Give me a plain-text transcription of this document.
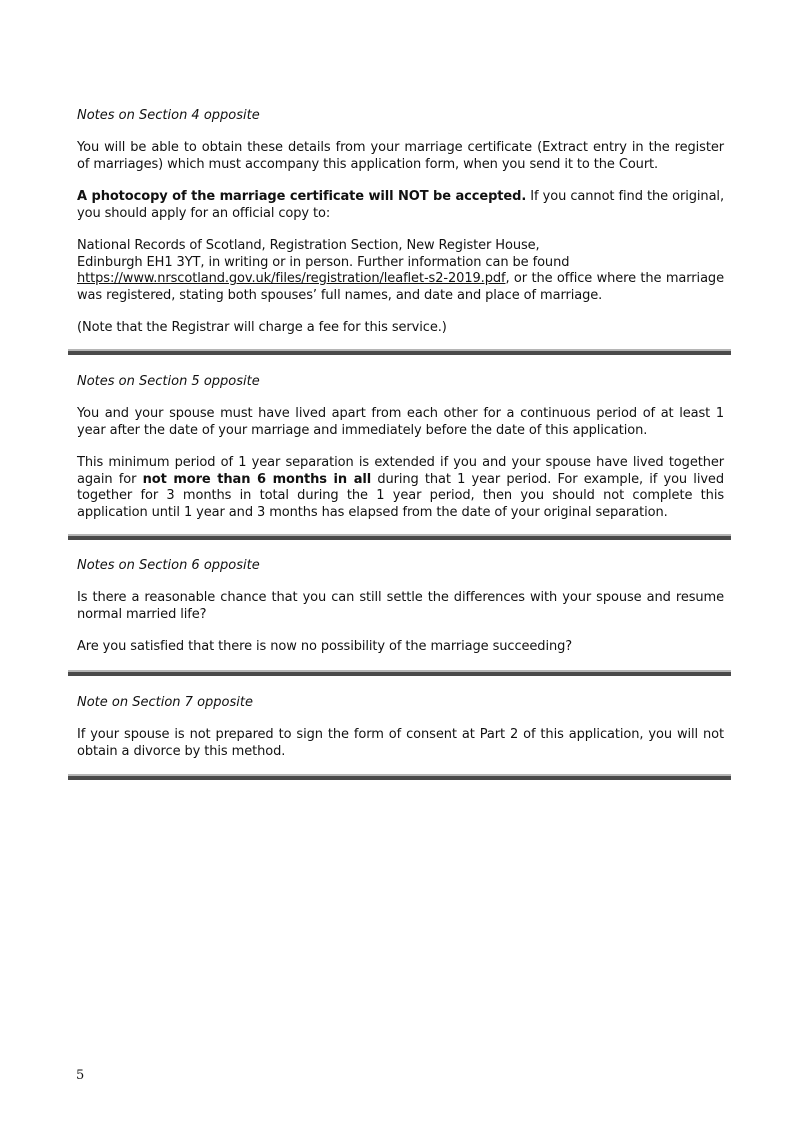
Notes on Section 4 opposite

You will be able to obtain these details from your marriage certificate (Extract entry in the register of marriages) which must accompany this application form, when you send it to the Court.

A photocopy of the marriage certificate will NOT be accepted. If you cannot find the original, you should apply for an official copy to:

National Records of Scotland, Registration Section, New Register House,

Edinburgh EH1 3YT, in writing or in person. Further information can be found

https://www.nrscotland.gov.uk/files/registration/leaflet-s2-2019.pdf, or the office where the marriage was registered, stating both spouses’ full names, and date and place of marriage.

(Note that the Registrar will charge a fee for this service.)

Notes on Section 5 opposite

You and your spouse must have lived apart from each other for a continuous period of at least 1 year after the date of your marriage and immediately before the date of this application.

This minimum period of 1 year separation is extended if you and your spouse have lived together again for not more than 6 months in all during that 1 year period. For example, if you lived together for 3 months in total during the 1 year period, then you should not complete this application until 1 year and 3 months has elapsed from the date of your original separation.

Notes on Section 6 opposite

Is there a reasonable chance that you can still settle the differences with your spouse and resume normal married life?

Are you satisfied that there is now no possibility of the marriage succeeding?

Note on Section 7 opposite

If your spouse is not prepared to sign the form of consent at Part 2 of this application, you will not obtain a divorce by this method.

5
